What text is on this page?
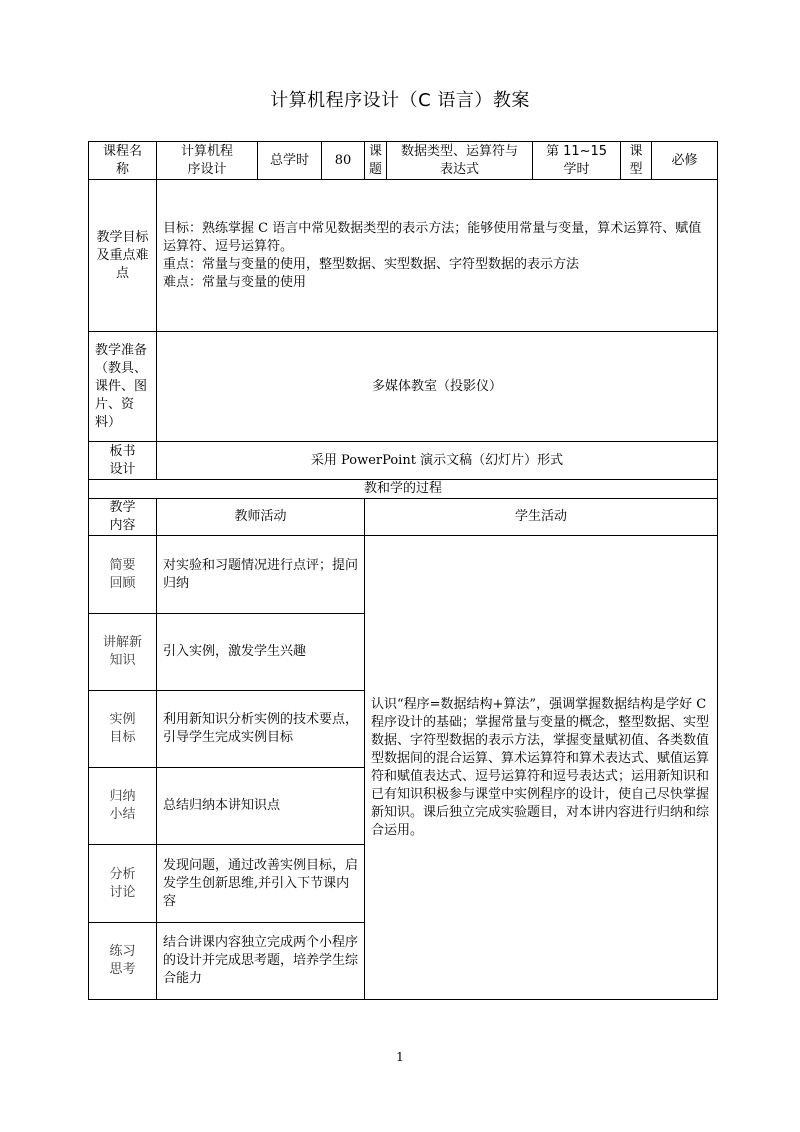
计算机程序设计（C 语言）教案
课程名称	计算机程序设计	总学时	80	课题	数据类型、运算符与表达式	第 11~15 学时	课型	必修
教学目标及重点难点	目标：熟练掌握 C 语言中常见数据类型的表示方法；能够使用常量与变量，算术运算符、赋值运算符、逗号运算符。
重点：常量与变量的使用，整型数据、实型数据、字符型数据的表示方法
难点：常量与变量的使用							

教学准备（教具、课件、图片、资料）	多媒体教室（投影仪）							
板书设计	采用 PowerPoint 演示文稿（幻灯片）形式							
教和学的过程								
教学内容	教师活动			学生活动				
简要回顾	对实验和习题情况进行点评；提问归纳			认识“程序=数据结构+算法”，强调掌握数据结构是学好 C 程序设计的基础；掌握常量与变量的概念，整型数据、实型数据、字符型数据的表示方法，掌握变量赋初值、各类数值型数据间的混合运算、算术运算符和算术表达式、赋值运算符和赋值表达式、逗号运算符和逗号表达式；运用新知识和已有知识积极参与课堂中实例程序的设计，使自己尽快掌握新知识。课后独立完成实验题目，对本讲内容进行归纳和综合运用。				
讲解新知识	引入实例，激发学生兴趣							
实例目标	利用新知识分析实例的技术要点，引导学生完成实例目标							
归纳小结	总结归纳本讲知识点							
分析讨论	发现问题，通过改善实例目标，启发学生创新思维,并引入下节课内容							
练习思考	结合讲课内容独立完成两个小程序的设计并完成思考题，培养学生综合能力							
1
